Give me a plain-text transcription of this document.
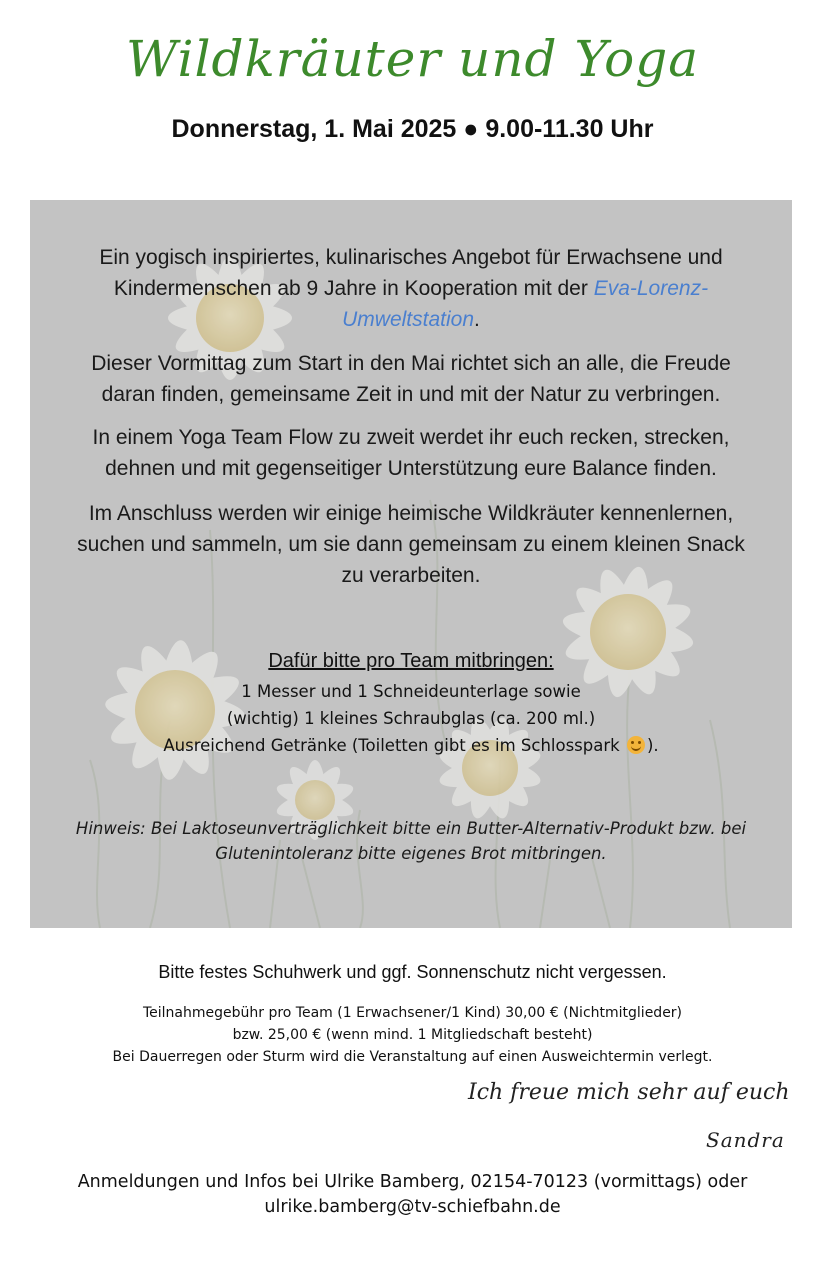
Wildkräuter und Yoga
Donnerstag, 1. Mai 2025 ● 9.00-11.30 Uhr
Ein yogisch inspiriertes, kulinarisches Angebot für Erwachsene und
Kindermenschen ab 9 Jahre in Kooperation mit der Eva-Lorenz-
Umweltstation.
Dieser Vormittag zum Start in den Mai richtet sich an alle, die Freude
daran finden, gemeinsame Zeit in und mit der Natur zu verbringen.
In einem Yoga Team Flow zu zweit werdet ihr euch recken, strecken,
dehnen und mit gegenseitiger Unterstützung eure Balance finden.
Im Anschluss werden wir einige heimische Wildkräuter kennenlernen,
suchen und sammeln, um sie dann gemeinsam zu einem kleinen Snack
zu verarbeiten.
Dafür bitte pro Team mitbringen:
1 Messer und 1 Schneideunterlage sowie
(wichtig) 1 kleines Schraubglas (ca. 200 ml.)
Ausreichend Getränke (Toiletten gibt es im Schlosspark ).
Hinweis: Bei Laktoseunverträglichkeit bitte ein Butter-Alternativ-Produkt bzw. bei
Glutenintoleranz bitte eigenes Brot mitbringen.
Bitte festes Schuhwerk und ggf. Sonnenschutz nicht vergessen.
Teilnahmegebühr pro Team (1 Erwachsener/1 Kind) 30,00 € (Nichtmitglieder)
bzw. 25,00 € (wenn mind. 1 Mitgliedschaft besteht)
Bei Dauerregen oder Sturm wird die Veranstaltung auf einen Ausweichtermin verlegt.
Ich freue mich sehr auf euch
Sandra
Anmeldungen und Infos bei Ulrike Bamberg, 02154-70123 (vormittags) oder
ulrike.bamberg@tv-schiefbahn.de
